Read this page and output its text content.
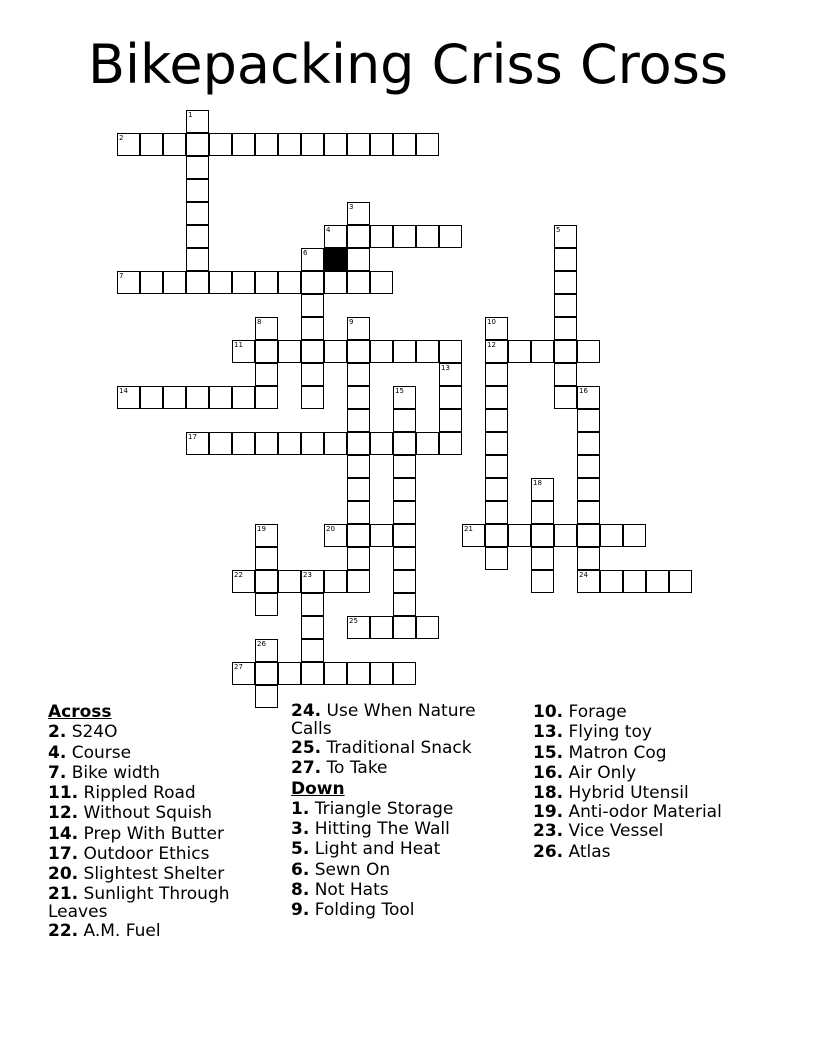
Bikepacking Criss Cross
1
2
3
4	5
6
7
8	9	10
12
11
13
14	15	16
17
18
19	20	21
22	23	24
25
26
27
Across
2. S24O
4. Course
7. Bike width
11. Rippled Road
12. Without Squish
14. Prep With Butter
17. Outdoor Ethics
20. Slightest Shelter
21. Sunlight Through Leaves
22. A.M. Fuel
24. Use When Nature Calls
25. Traditional Snack
27. To Take
Down
1. Triangle Storage
3. Hitting The Wall
5. Light and Heat
6. Sewn On
8. Not Hats
9. Folding Tool
10. Forage
13. Flying toy
15. Matron Cog
16. Air Only
18. Hybrid Utensil
19. Anti-odor Material
23. Vice Vessel
26. Atlas
